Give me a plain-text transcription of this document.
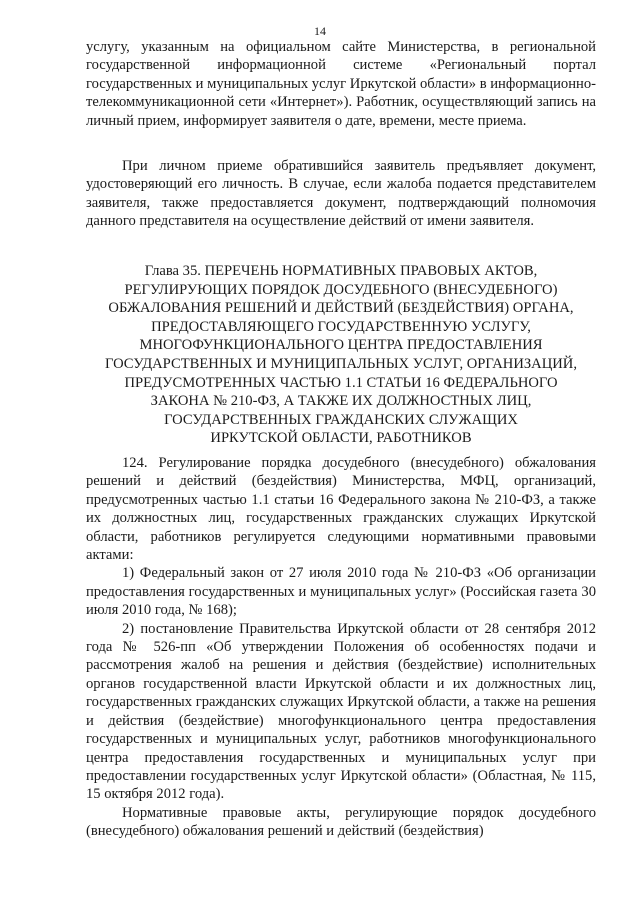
14

услугу, указанным на официальном сайте Министерства, в региональной государственной информационной системе «Региональный портал государственных и муниципальных услуг Иркутской области» в информационно-телекоммуникационной сети «Интернет»). Работник, осуществляющий запись на личный прием, информирует заявителя о дате, времени, месте приема.

При личном приеме обратившийся заявитель предъявляет документ, удостоверяющий его личность. В случае, если жалоба подается представителем заявителя, также предоставляется документ, подтверждающий полномочия данного представителя на осуществление действий от имени заявителя.

Глава 35. ПЕРЕЧЕНЬ НОРМАТИВНЫХ ПРАВОВЫХ АКТОВ,
РЕГУЛИРУЮЩИХ ПОРЯДОК ДОСУДЕБНОГО (ВНЕСУДЕБНОГО)
ОБЖАЛОВАНИЯ РЕШЕНИЙ И ДЕЙСТВИЙ (БЕЗДЕЙСТВИЯ) ОРГАНА,
ПРЕДОСТАВЛЯЮЩЕГО ГОСУДАРСТВЕННУЮ УСЛУГУ,
МНОГОФУНКЦИОНАЛЬНОГО ЦЕНТРА ПРЕДОСТАВЛЕНИЯ
ГОСУДАРСТВЕННЫХ И МУНИЦИПАЛЬНЫХ УСЛУГ, ОРГАНИЗАЦИЙ,
ПРЕДУСМОТРЕННЫХ ЧАСТЬЮ 1.1 СТАТЬИ 16 ФЕДЕРАЛЬНОГО
ЗАКОНА № 210-ФЗ, А ТАКЖЕ ИХ ДОЛЖНОСТНЫХ ЛИЦ,
ГОСУДАРСТВЕННЫХ ГРАЖДАНСКИХ СЛУЖАЩИХ
ИРКУТСКОЙ ОБЛАСТИ, РАБОТНИКОВ

124. Регулирование порядка досудебного (внесудебного) обжалования решений и действий (бездействия) Министерства, МФЦ, организаций, предусмотренных частью 1.1 статьи 16 Федерального закона № 210-ФЗ, а также их должностных лиц, государственных гражданских служащих Иркутской области, работников регулируется следующими нормативными правовыми актами:

1) Федеральный закон от 27 июля 2010 года № 210-ФЗ «Об организации предоставления государственных и муниципальных услуг» (Российская газета 30 июля 2010 года, № 168);

2) постановление Правительства Иркутской области от 28 сентября 2012 года № 526-пп «Об утверждении Положения об особенностях подачи и рассмотрения жалоб на решения и действия (бездействие) исполнительных органов государственной власти Иркутской области и их должностных лиц, государственных гражданских служащих Иркутской области, а также на решения и действия (бездействие) многофункционального центра предоставления государственных и муниципальных услуг, работников многофункционального центра предоставления государственных и муниципальных услуг при предоставлении государственных услуг Иркутской области» (Областная, № 115, 15 октября 2012 года).

Нормативные правовые акты, регулирующие порядок досудебного (внесудебного) обжалования решений и действий (бездействия)
